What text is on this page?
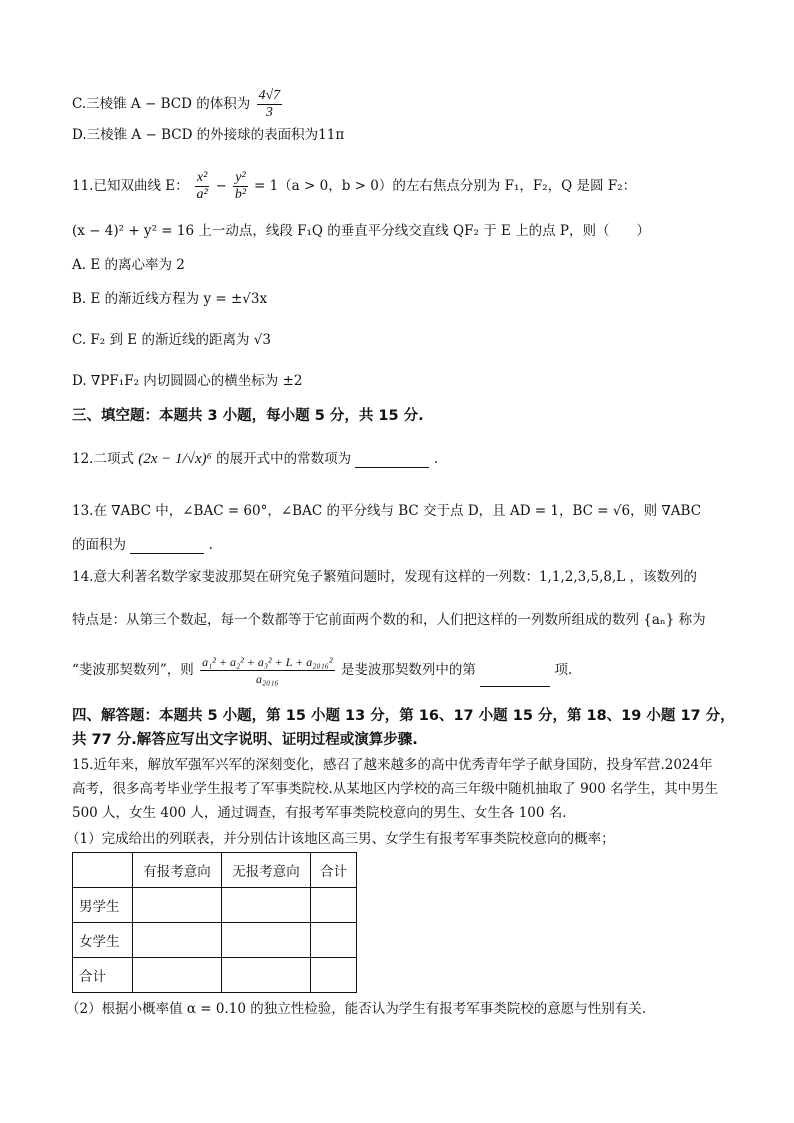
C.三棱锥 A − BCD 的体积为 $\frac{4√7}{3}$
D.三棱锥 A − BCD 的外接球的表面积为11π
11.已知双曲线 E： $\frac{\text{x²}}{\text{a²}} - \frac{\text{y²}}{\text{b²}} = 1(a > 0$，b > 0）的左右焦点分别为 F₁，F₂，Q 是圆 F₂：
(x − 4)² + y² = 16 上一动点，线段 F₁Q 的垂直平分线交直线 QF₂ 于 E 上的点 P，则（　　）
A. E 的离心率为 2
B. E 的渐近线方程为 y = ±√3x
C. F₂ 到 E 的渐近线的距离为 √3
D. ∇PF₁F₂ 内切圆圆心的横坐标为 ±2
三、填空题：本题共 3 小题，每小题 5 分，共 15 分.
12.二项式 (2x − 1/√x)⁶ 的展开式中的常数项为	.
13.在 ∇ABC 中，∠BAC = 60°，∠BAC 的平分线与 BC 交于点 D，且 AD = 1，BC = √6，则 ∇ABC
的面积为	.
14.意大利著名数学家斐波那契在研究兔子繁殖问题时，发现有这样的一列数：1,1,2,3,5,8,L ，该数列的
特点是：从第三个数起，每一个数都等于它前面两个数的和，人们把这样的一列数所组成的数列 {aₙ} 称为
“斐波那契数列”，则 $\frac{\text{a₁² + a₂² + a₃² + L + a₂₀₁₆²}}{\text{a₂₀₁₆}}$ 是斐波那契数列中的第	项.
四、解答题：本题共 5 小题，第 15 小题 13 分，第 16、17 小题 15 分，第 18、19 小题 17 分，
共 77 分.解答应写出文字说明、证明过程或演算步骤.
15.近年来，解放军强军兴军的深刻变化，感召了越来越多的高中优秀青年学子献身国防，投身军营.2024年高考，很多高考毕业学生报考了军事类院校.从某地区内学校的高三年级中随机抽取了 900 名学生，其中男生 500 人，女生 400 人，通过调查，有报考军事类院校意向的男生、女生各 100 名.
（1）完成给出的列联表，并分别估计该地区高三男、女学生有报考军事类院校意向的概率；
	有报考意向	无报考意向	合计
男学生			
女学生			
合计			
（2）根据小概率值 α = 0.10 的独立性检验，能否认为学生有报考军事类院校的意愿与性别有关.
